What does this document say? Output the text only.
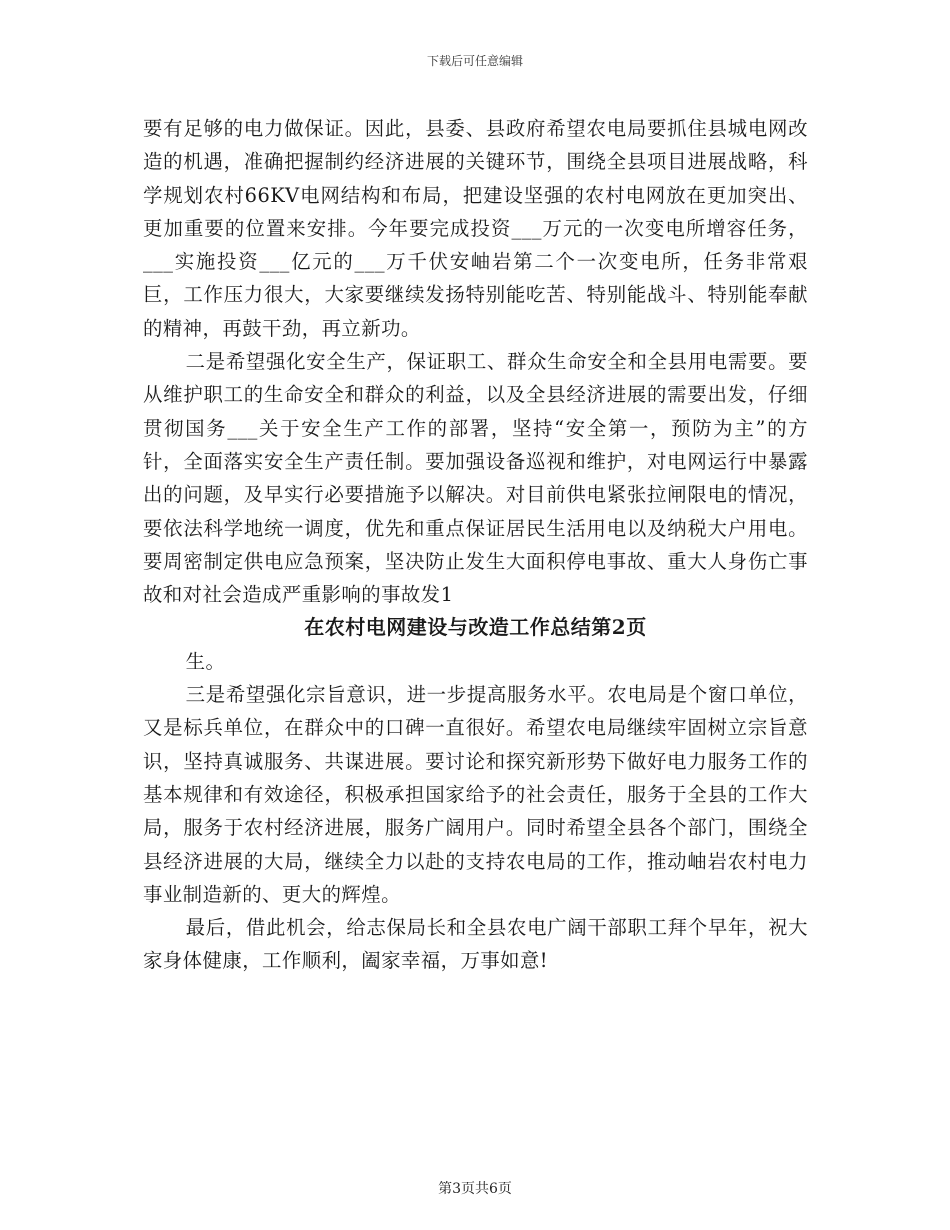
下载后可任意编辑

要有足够的电力做保证。因此，县委、县政府希望农电局要抓住县城电网改造的机遇，准确把握制约经济进展的关键环节，围绕全县项目进展战略，科学规划农村66KV电网结构和布局，把建设坚强的农村电网放在更加突出、更加重要的位置来安排。今年要完成投资___万元的一次变电所增容任务，___实施投资___亿元的___万千伏安岫岩第二个一次变电所，任务非常艰巨，工作压力很大，大家要继续发扬特别能吃苦、特别能战斗、特别能奉献的精神，再鼓干劲，再立新功。

二是希望强化安全生产，保证职工、群众生命安全和全县用电需要。要从维护职工的生命安全和群众的利益，以及全县经济进展的需要出发，仔细贯彻国务___关于安全生产工作的部署，坚持“安全第一，预防为主”的方针，全面落实安全生产责任制。要加强设备巡视和维护，对电网运行中暴露出的问题，及早实行必要措施予以解决。对目前供电紧张拉闸限电的情况，要依法科学地统一调度，优先和重点保证居民生活用电以及纳税大户用电。要周密制定供电应急预案，坚决防止发生大面积停电事故、重大人身伤亡事故和对社会造成严重影响的事故发1

在农村电网建设与改造工作总结第2页

生。

三是希望强化宗旨意识，进一步提高服务水平。农电局是个窗口单位，又是标兵单位，在群众中的口碑一直很好。希望农电局继续牢固树立宗旨意识，坚持真诚服务、共谋进展。要讨论和探究新形势下做好电力服务工作的基本规律和有效途径，积极承担国家给予的社会责任，服务于全县的工作大局，服务于农村经济进展，服务广阔用户。同时希望全县各个部门，围绕全县经济进展的大局，继续全力以赴的支持农电局的工作，推动岫岩农村电力事业制造新的、更大的辉煌。

最后，借此机会，给志保局长和全县农电广阔干部职工拜个早年，祝大家身体健康，工作顺利，阖家幸福，万事如意!

第3页共6页
